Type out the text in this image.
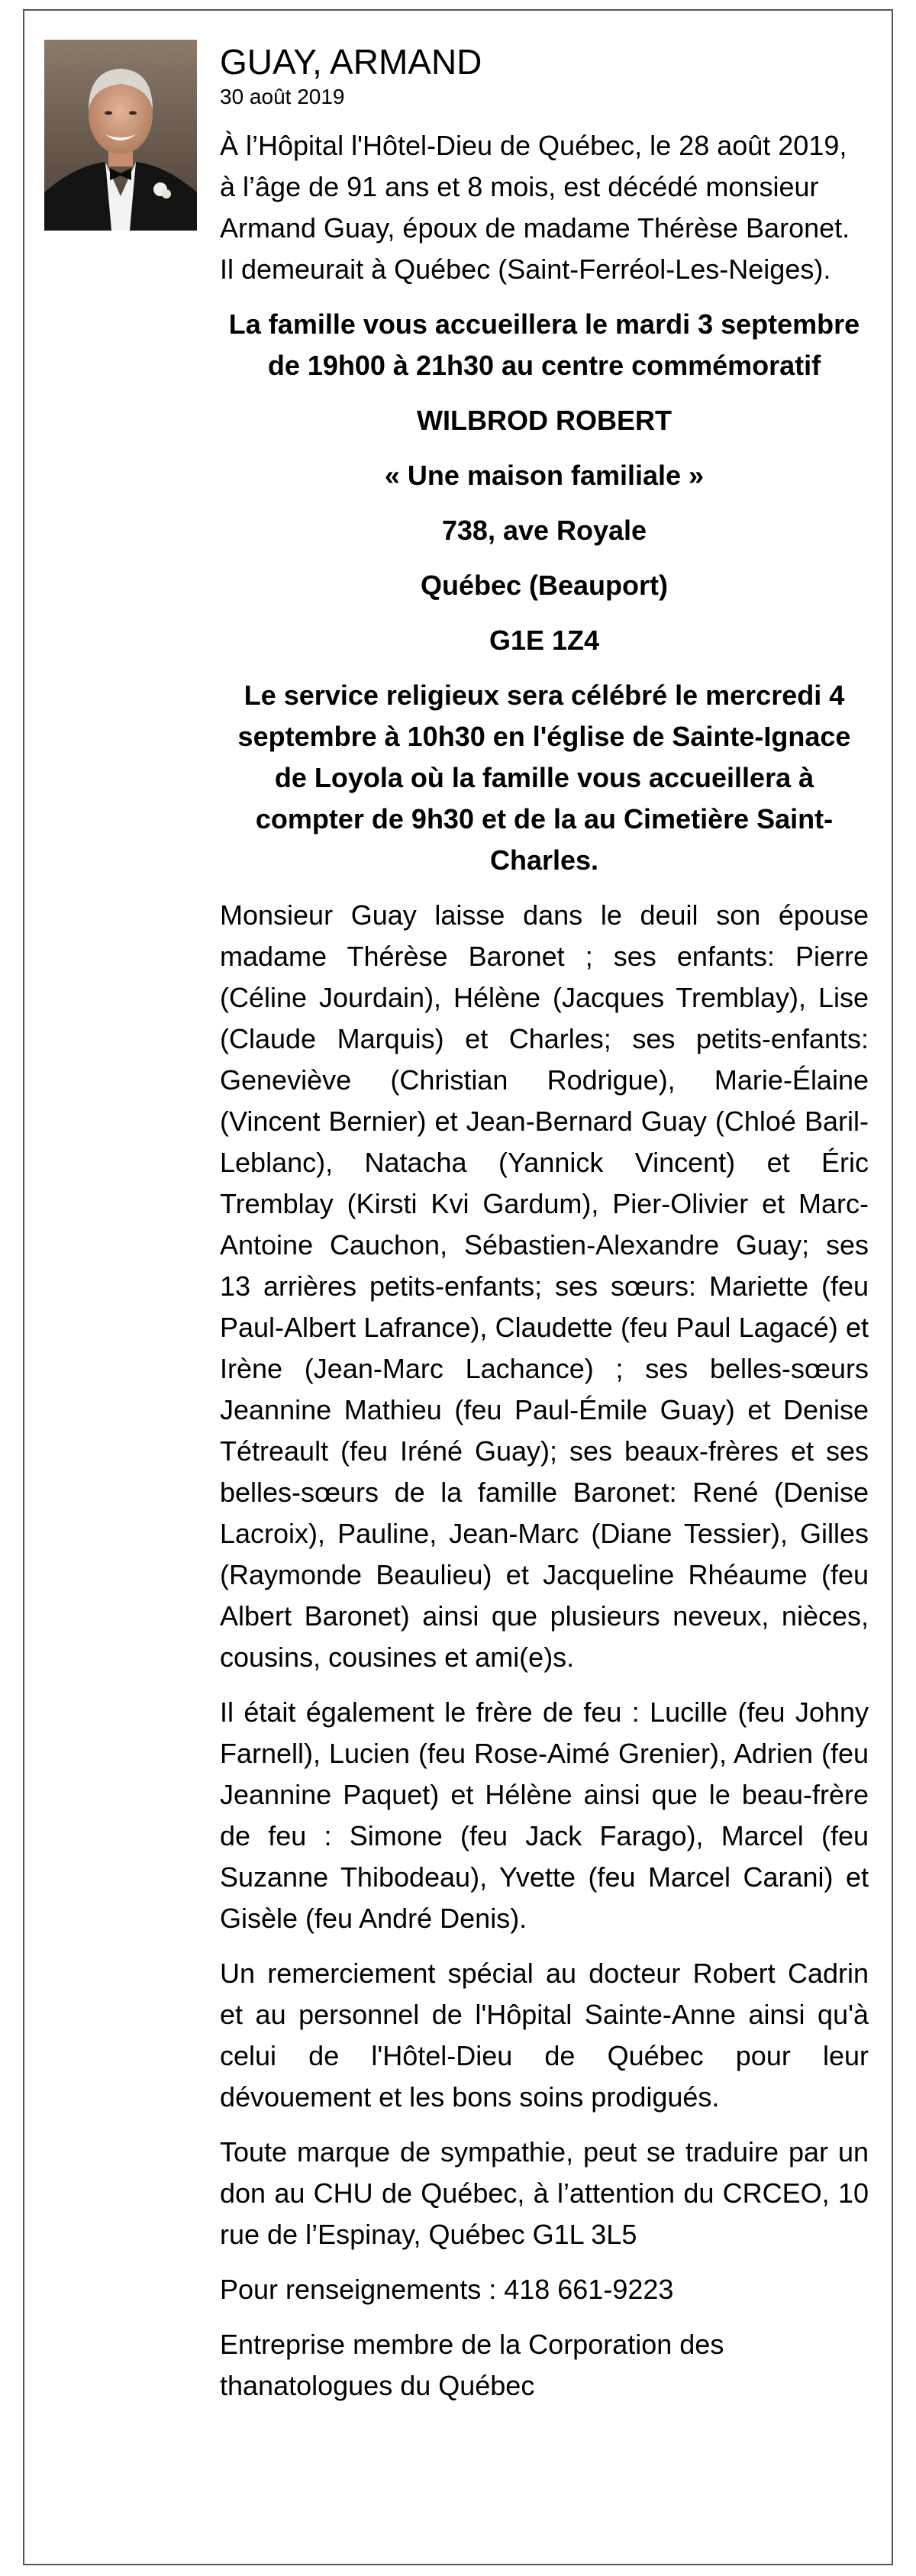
GUAY, ARMAND
30 août 2019

À l’Hôpital l'Hôtel-Dieu de Québec, le 28 août 2019, à l’âge de 91 ans et 8 mois, est décédé monsieur Armand Guay, époux de madame Thérèse Baronet. Il demeurait à Québec (Saint-Ferréol-Les-Neiges).

La famille vous accueillera le mardi 3 septembre de 19h00 à 21h30 au centre commémoratif

WILBROD ROBERT

« Une maison familiale »

738, ave Royale

Québec (Beauport)

G1E 1Z4

Le service religieux sera célébré le mercredi 4 septembre à 10h30 en l'église de Sainte-Ignace de Loyola où la famille vous accueillera à compter de 9h30 et de la au Cimetière Saint-Charles.

Monsieur Guay laisse dans le deuil son épouse madame Thérèse Baronet ; ses enfants: Pierre (Céline Jourdain), Hélène (Jacques Tremblay), Lise (Claude Marquis) et Charles; ses petits-enfants: Geneviève (Christian Rodrigue), Marie-Élaine (Vincent Bernier) et Jean-Bernard Guay (Chloé Baril-Leblanc), Natacha (Yannick Vincent) et Éric Tremblay (Kirsti Kvi Gardum), Pier-Olivier et Marc-Antoine Cauchon, Sébastien-Alexandre Guay; ses 13 arrières petits-enfants; ses sœurs: Mariette (feu Paul-Albert Lafrance), Claudette (feu Paul Lagacé) et Irène (Jean-Marc Lachance) ; ses belles-sœurs Jeannine Mathieu (feu Paul-Émile Guay) et Denise Tétreault (feu Iréné Guay); ses beaux-frères et ses belles-sœurs de la famille Baronet: René (Denise Lacroix), Pauline, Jean-Marc (Diane Tessier), Gilles (Raymonde Beaulieu) et Jacqueline Rhéaume (feu Albert Baronet) ainsi que plusieurs neveux, nièces, cousins, cousines et ami(e)s.

Il était également le frère de feu : Lucille (feu Johny Farnell), Lucien (feu Rose-Aimé Grenier), Adrien (feu Jeannine Paquet) et Hélène ainsi que le beau-frère de feu : Simone (feu Jack Farago), Marcel (feu Suzanne Thibodeau), Yvette (feu Marcel Carani) et Gisèle (feu André Denis).

Un remerciement spécial au docteur Robert Cadrin et au personnel de l'Hôpital Sainte-Anne ainsi qu'à celui de l'Hôtel-Dieu de Québec pour leur dévouement et les bons soins prodigués.

Toute marque de sympathie, peut se traduire par un don au CHU de Québec, à l’attention du CRCEO, 10 rue de l’Espinay, Québec G1L 3L5

Pour renseignements : 418 661-9223

Entreprise membre de la Corporation des thanatologues du Québec
